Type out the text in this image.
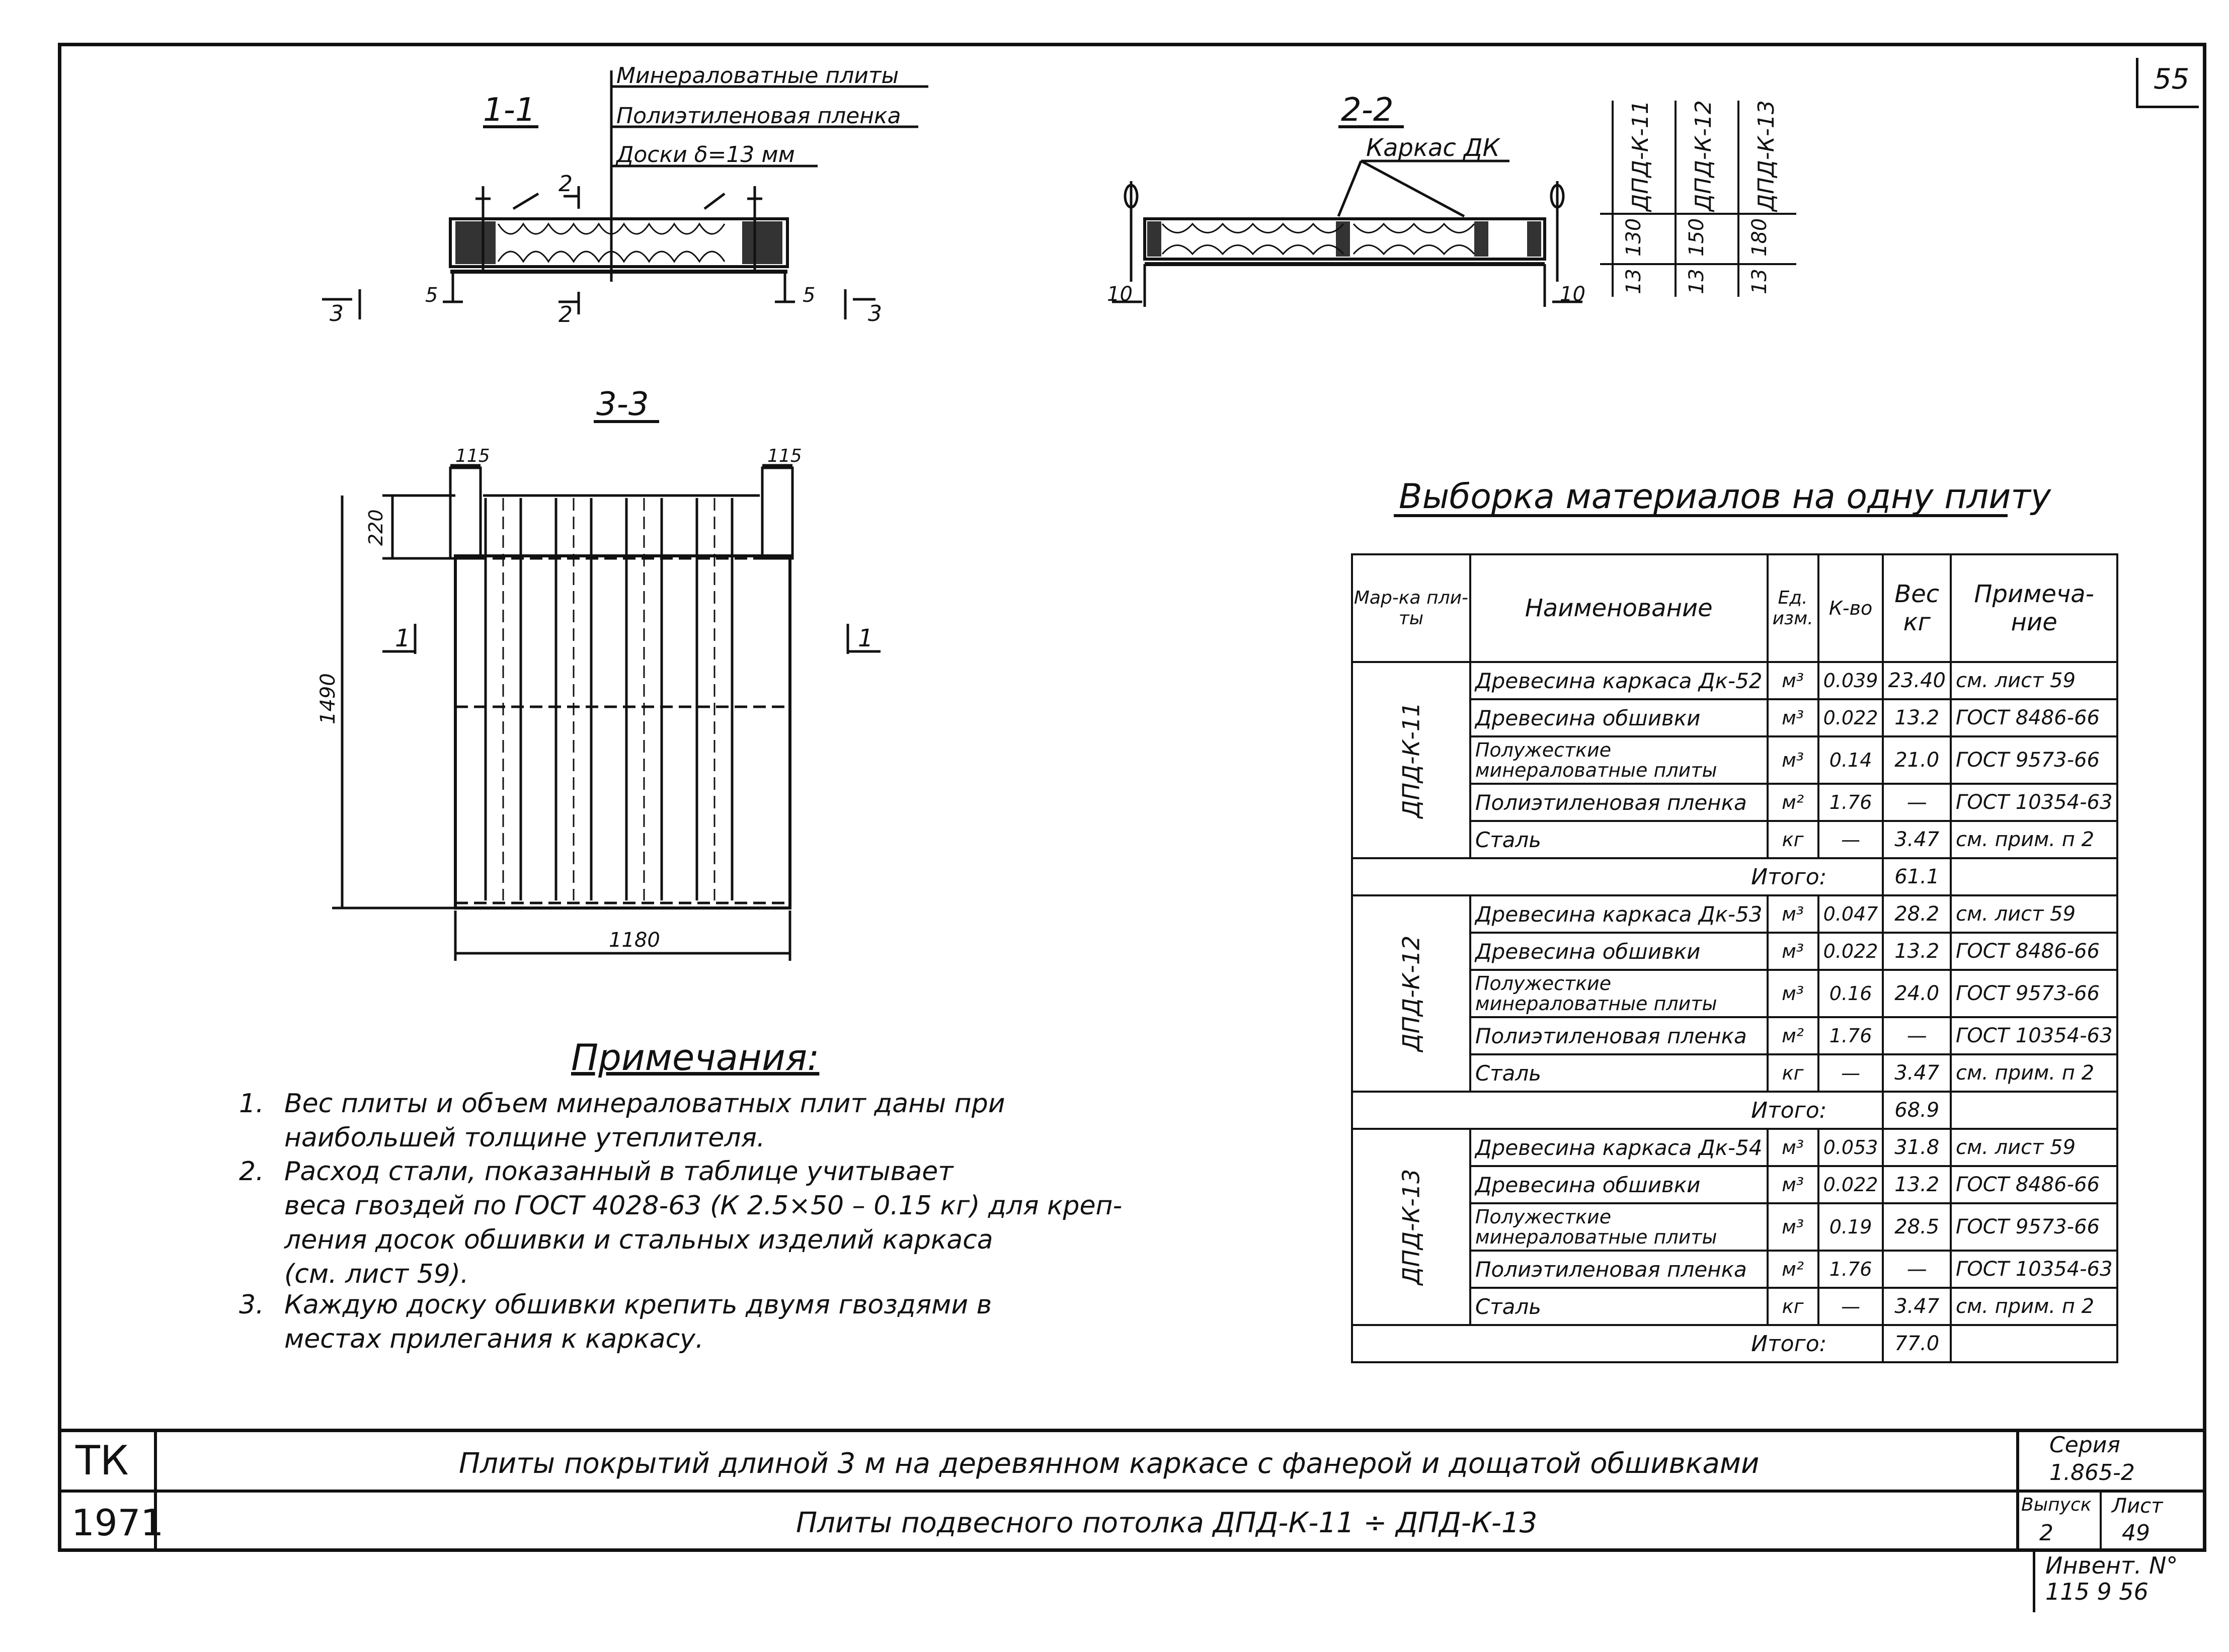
55
1-1
Минераловатные плиты
Полиэтиленовая пленка
Доски δ=13 мм
2
2
3	3
5	5
2-2
Каркас ДК
10	10
ДПД-К-11 ДПД-К-12 ДПД-К-13
130 150 180
13 13 13
3-3
115	115
220
1490
1180
1	1
Выборка материалов на одну плиту
Мар-ка пли-ты	Наименование	Ед. изм.	К-во	Вес кг	Примеча-ние
ДПД-К-11	Древесина каркаса Дк-52	м³	0.039	23.40	см. лист 59
	Древесина обшивки	м³	0.022	13.2	ГОСТ 8486-66
	Полужесткие минераловатные плиты	м³	0.14	21.0	ГОСТ 9573-66
	Полиэтиленовая пленка	м²	1.76	—	ГОСТ 10354-63
	Сталь	кг	—	3.47	см. прим. п 2
Итого:				61.1	
ДПД-К-12	Древесина каркаса Дк-53	м³	0.047	28.2	см. лист 59
	Древесина обшивки	м³	0.022	13.2	ГОСТ 8486-66
	Полужесткие минераловатные плиты	м³	0.16	24.0	ГОСТ 9573-66
	Полиэтиленовая пленка	м²	1.76	—	ГОСТ 10354-63
	Сталь	кг	—	3.47	см. прим. п 2
Итого:				68.9	
ДПД-К-13	Древесина каркаса Дк-54	м³	0.053	31.8	см. лист 59
	Древесина обшивки	м³	0.022	13.2	ГОСТ 8486-66
	Полужесткие минераловатные плиты	м³	0.19	28.5	ГОСТ 9573-66
	Полиэтиленовая пленка	м²	1.76	—	ГОСТ 10354-63
	Сталь	кг	—	3.47	см. прим. п 2
Итого:				77.0	
Примечания:
1. Вес плиты и объем минераловатных плит даны при
наибольшей толщине утеплителя.
2. Расход стали, показанный в таблице учитывает
веса гвоздей по ГОСТ 4028-63 (К 2.5×50 – 0.15 кг) для креп-
ления досок обшивки и стальных изделий каркаса
(см. лист 59).
3. Каждую доску обшивки крепить двумя гвоздями в
местах прилегания к каркасу.
ТК
1971
Плиты покрытий длиной 3 м на деревянном каркасе с фанерой и дощатой обшивками
Плиты подвесного потолка ДПД-К-11 ÷ ДПД-К-13
Серия
1.865-2
Выпуск
2
Лист
49
Инвент. N°
115 9 56
